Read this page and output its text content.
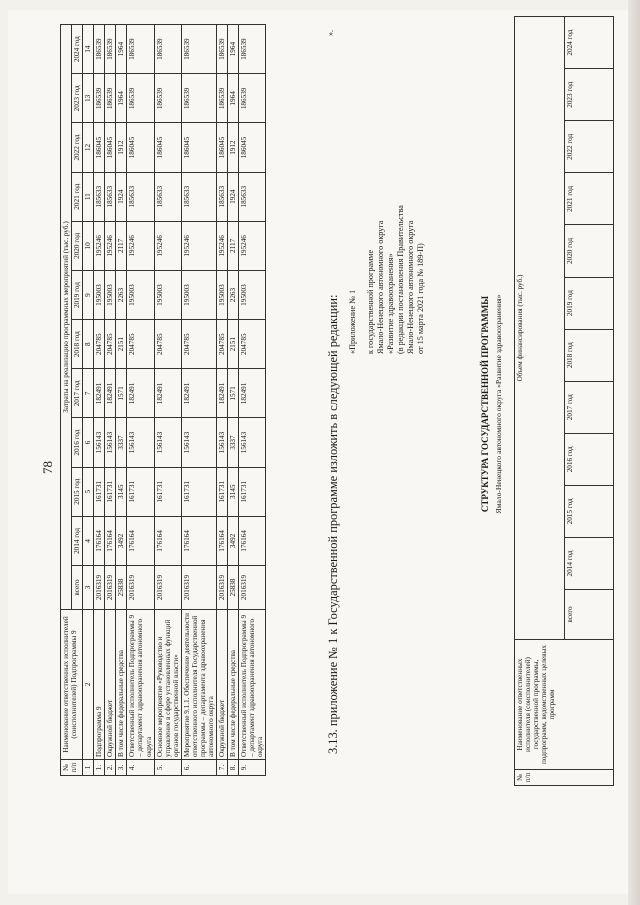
78
№ п/п	Наименование ответственных исполнителей (соисполнителей) Подпрограммы 9	Затраты на реализацию программных мероприятий (тыс. руб.)											
		всего	2014 год	2015 год	2016 год	2017 год	2018 год	2019 год	2020 год	2021 год	2022 год	2023 год	2024 год
1	2	3	4	5	6	7	8	9	10	11	12	13	14
1.	Подпрограмма 9	2016319	176164	161731	156143	182491	204785	195003	195246	185633	186045	186539	186539
2.	Окружной бюджет	2016319	176164	161731	156143	182491	204785	195003	195246	185633	186045	186539	186539
3.	В том числе федеральные средства	25838	3492	3145	3337	1571	2151	2263	2117	1924	1912	1964	1964
4.	Ответственный исполнитель Подпрограммы 9 – департамент здравоохранения автономного округа	2016319	176164	161731	156143	182491	204785	195003	195246	185633	186045	186539	186539
5.	Основное мероприятие «Руководство и управление в сфере установленных функций органов государственной власти»	2016319	176164	161731	156143	182491	204785	195003	195246	185633	186045	186539	186539
6.	Мероприятие 9.1.1. Обеспечение деятельности ответственного исполнителя Государственной программы – департамента здравоохранения автономного округа	2016319	176164	161731	156143	182491	204785	195003	195246	185633	186045	186539	186539
7.	Окружной бюджет	2016319	176164	161731	156143	182491	204785	195003	195246	185633	186045	186539	186539
8.	В том числе федеральные средства	25838	3492	3145	3337	1571	2151	2263	2117	1924	1912	1964	1964
9.	Ответственный исполнитель Подпрограммы 9 – департамент здравоохранения автономного округа	2016319	176164	161731	156143	182491	204785	195003	195246	185633	186045	186539	186539
».
3.13. приложение № 1 к Государственной программе изложить в следующей редакции: «Приложение № 1 к государственной программе Ямало-Ненецкого автономного округа «Развитие здравоохранения» (в редакции постановления Правительства Ямало-Ненецкого автономного округа от 15 марта 2021 года № 189-П)	СТРУКТУРА ГОСУДАРСТВЕННОЙ ПРОГРАММЫ Ямало-Ненецкого автономного округа «Развитие здравоохранения»
№ п/п	Наименование ответственных исполнителя (соисполнителей) государственной программы, подпрограмм, ведомственных целевых программ	Объем финансирования (тыс. руб.)											
		всего	2014 год	2015 год	2016 год	2017 год	2018 год	2019 год	2020 год	2021 год	2022 год	2023 год	2024 год
